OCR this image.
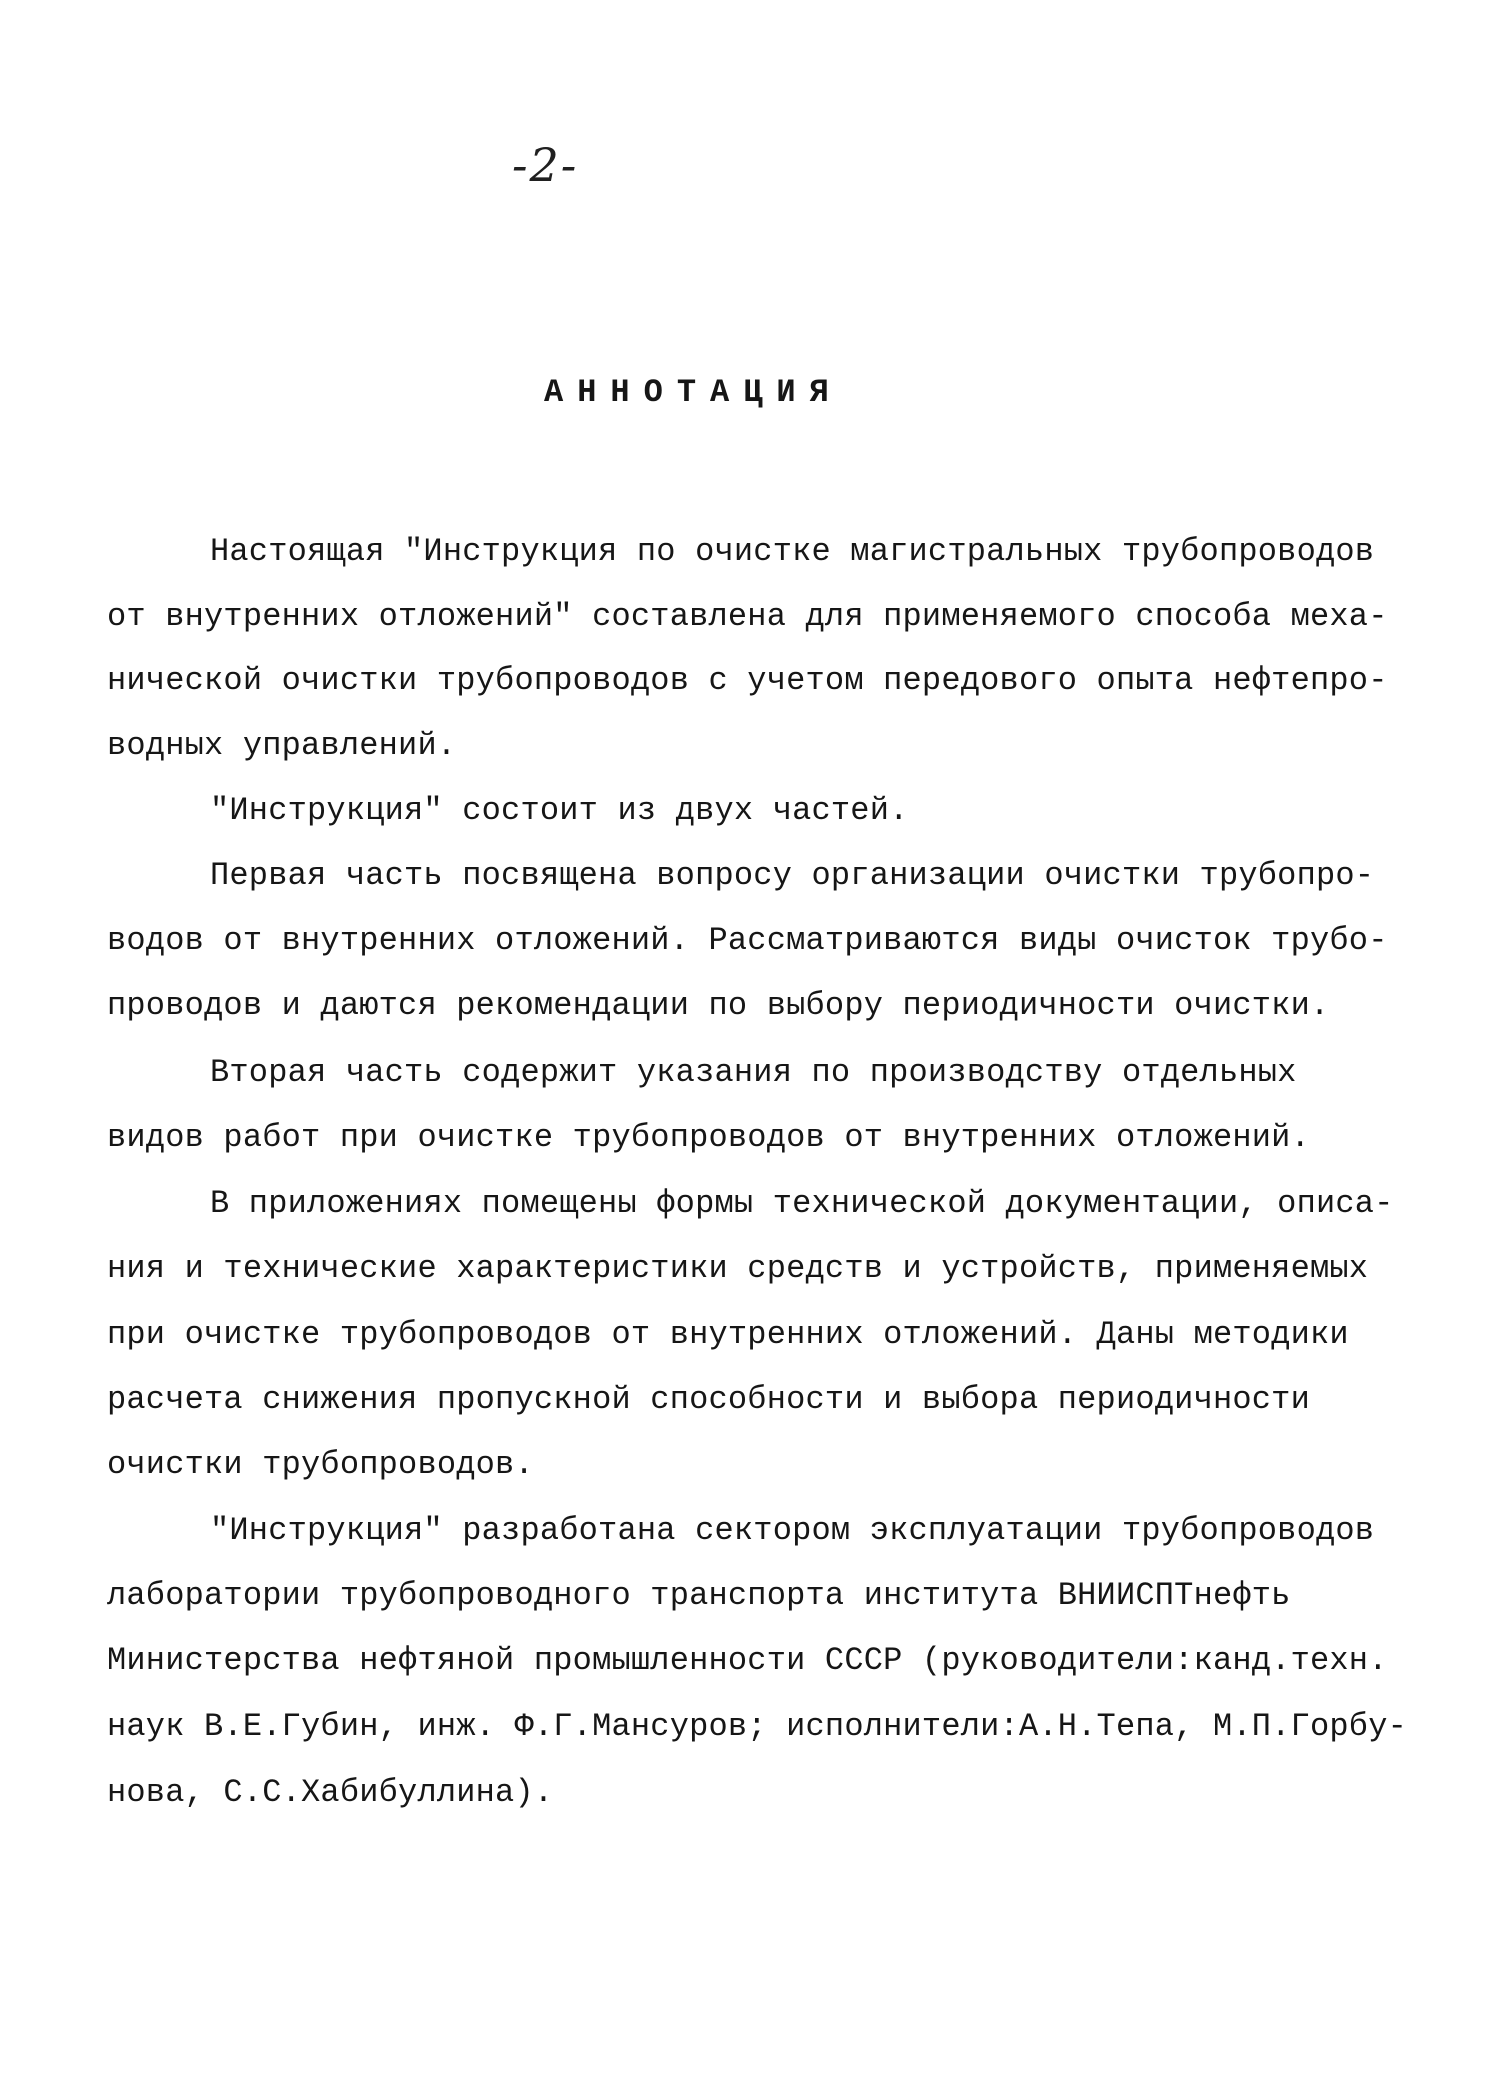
-2-
АННОТАЦИЯ
Настоящая "Инструкция по очистке магистральных трубопроводов
от внутренних отложений" составлена для применяемого способа меха-
нической очистки трубопроводов с учетом передового опыта нефтепро-
водных управлений.
"Инструкция" состоит из двух частей.
Первая часть посвящена вопросу организации очистки трубопро-
водов от внутренних отложений. Рассматриваются виды очисток трубо-
проводов и даются рекомендации по выбору периодичности очистки.
Вторая часть содержит указания по производству отдельных
видов работ при очистке трубопроводов от внутренних отложений.
В приложениях помещены формы технической документации, описа-
ния и технические характеристики средств и устройств, применяемых
при очистке трубопроводов от внутренних отложений. Даны методики
расчета снижения пропускной способности и выбора периодичности
очистки трубопроводов.
"Инструкция" разработана сектором эксплуатации трубопроводов
лаборатории трубопроводного транспорта института ВНИИСПТнефть
Министерства нефтяной промышленности СССР (руководители:канд.техн.
наук В.Е.Губин, инж. Ф.Г.Мансуров; исполнители:А.Н.Тепа, М.П.Горбу-
нова, С.С.Хабибуллина).
